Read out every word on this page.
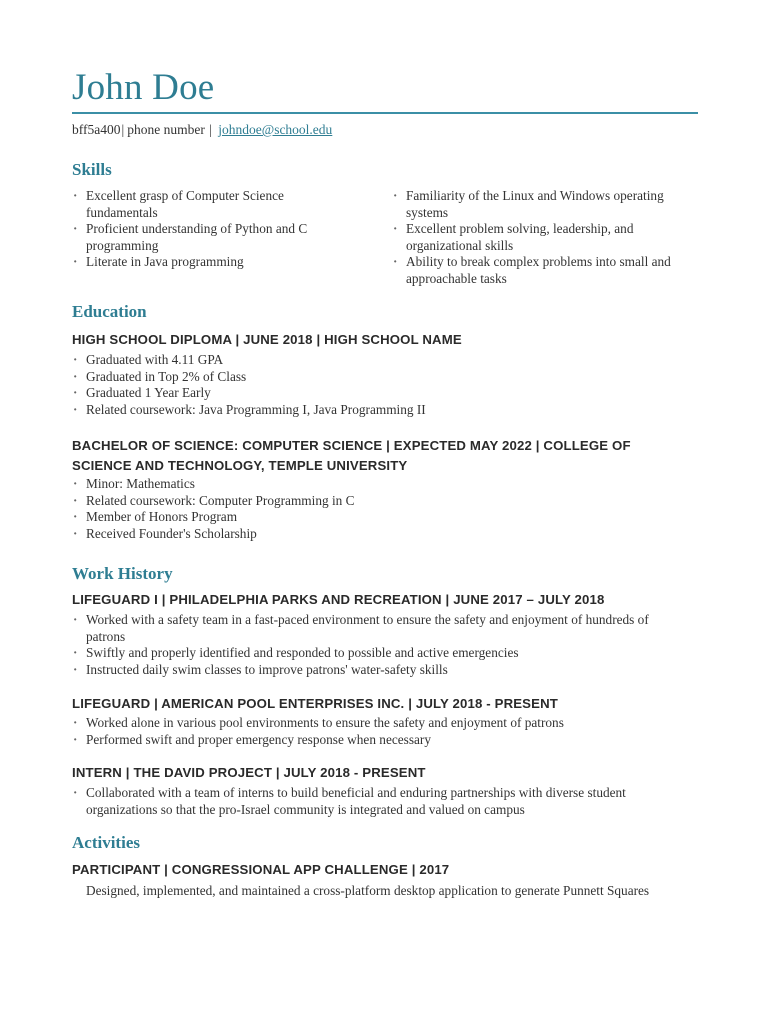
John Doe
bff5a400| phone number | johndoe@school.edu
Skills
· Excellent grasp of Computer Science fundamentals
· Proficient understanding of Python and C programming
· Literate in Java programming
· Familiarity of the Linux and Windows operating systems
· Excellent problem solving, leadership, and organizational skills
· Ability to break complex problems into small and approachable tasks
Education
HIGH SCHOOL DIPLOMA | JUNE 2018 | HIGH SCHOOL NAME
· Graduated with 4.11 GPA
· Graduated in Top 2% of Class
· Graduated 1 Year Early
· Related coursework: Java Programming I, Java Programming II
BACHELOR OF SCIENCE: COMPUTER SCIENCE | EXPECTED MAY 2022 | COLLEGE OF SCIENCE AND TECHNOLOGY, TEMPLE UNIVERSITY
· Minor: Mathematics
· Related coursework: Computer Programming in C
· Member of Honors Program
· Received Founder's Scholarship
Work History
LIFEGUARD I | PHILADELPHIA PARKS AND RECREATION | JUNE 2017 – JULY 2018
· Worked with a safety team in a fast-paced environment to ensure the safety and enjoyment of hundreds of patrons
· Swiftly and properly identified and responded to possible and active emergencies
· Instructed daily swim classes to improve patrons' water-safety skills
LIFEGUARD | AMERICAN POOL ENTERPRISES INC. | JULY 2018 - PRESENT
· Worked alone in various pool environments to ensure the safety and enjoyment of patrons
· Performed swift and proper emergency response when necessary
INTERN | THE DAVID PROJECT | JULY 2018 - PRESENT
· Collaborated with a team of interns to build beneficial and enduring partnerships with diverse student organizations so that the pro-Israel community is integrated and valued on campus
Activities
PARTICIPANT | CONGRESSIONAL APP CHALLENGE | 2017

Designed, implemented, and maintained a cross-platform desktop application to generate Punnett Squares
